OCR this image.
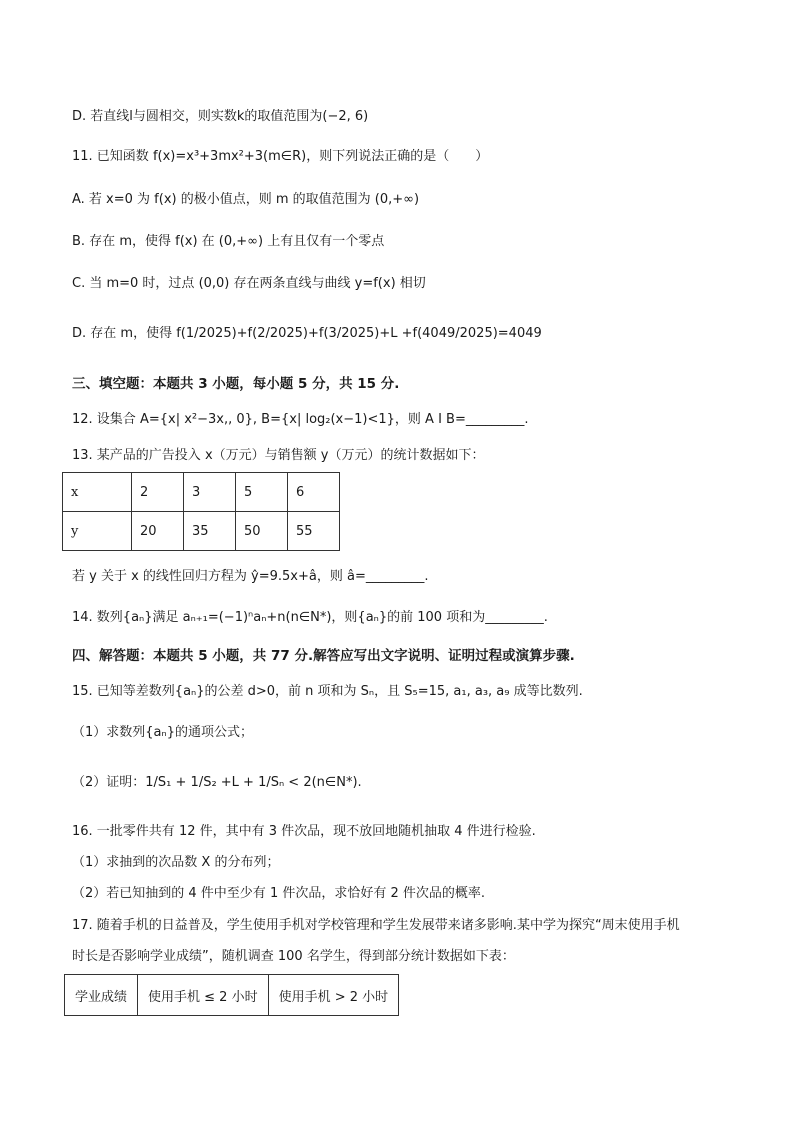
D. 若直线l与圆相交，则实数k的取值范围为(−2, 6)
11. 已知函数 f(x)=x³+3mx²+3(m∈R)，则下列说法正确的是（　　）
A. 若 x=0 为 f(x) 的极小值点，则 m 的取值范围为 (0,+∞)
B. 存在 m，使得 f(x) 在 (0,+∞) 上有且仅有一个零点
C. 当 m=0 时，过点 (0,0) 存在两条直线与曲线 y=f(x) 相切
D. 存在 m，使得 f(1/2025)+f(2/2025)+f(3/2025)+L +f(4049/2025)=4049
三、填空题：本题共 3 小题，每小题 5 分，共 15 分.
12. 设集合 A={x| x²−3x,, 0}, B={x| log₂(x−1)<1}，则 A I B=_________.
13. 某产品的广告投入 x（万元）与销售额 y（万元）的统计数据如下：
x	2	3	5	6
y	20	35	50	55
若 y 关于 x 的线性回归方程为 ŷ=9.5x+â，则 â=_________.
14. 数列{aₙ}满足 aₙ₊₁=(−1)ⁿaₙ+n(n∈N*)，则{aₙ}的前 100 项和为_________.
四、解答题：本题共 5 小题，共 77 分.解答应写出文字说明、证明过程或演算步骤.
15. 已知等差数列{aₙ}的公差 d>0，前 n 项和为 Sₙ，且 S₅=15, a₁, a₃, a₉ 成等比数列.
（1）求数列{aₙ}的通项公式；
（2）证明：1/S₁ + 1/S₂ +L + 1/Sₙ < 2(n∈N*).
16. 一批零件共有 12 件，其中有 3 件次品，现不放回地随机抽取 4 件进行检验.
（1）求抽到的次品数 X 的分布列；
（2）若已知抽到的 4 件中至少有 1 件次品，求恰好有 2 件次品的概率.
17. 随着手机的日益普及，学生使用手机对学校管理和学生发展带来诸多影响.某中学为探究“周末使用手机
时长是否影响学业成绩”，随机调查 100 名学生，得到部分统计数据如下表：
学业成绩	使用手机 ≤ 2 小时	使用手机 > 2 小时
